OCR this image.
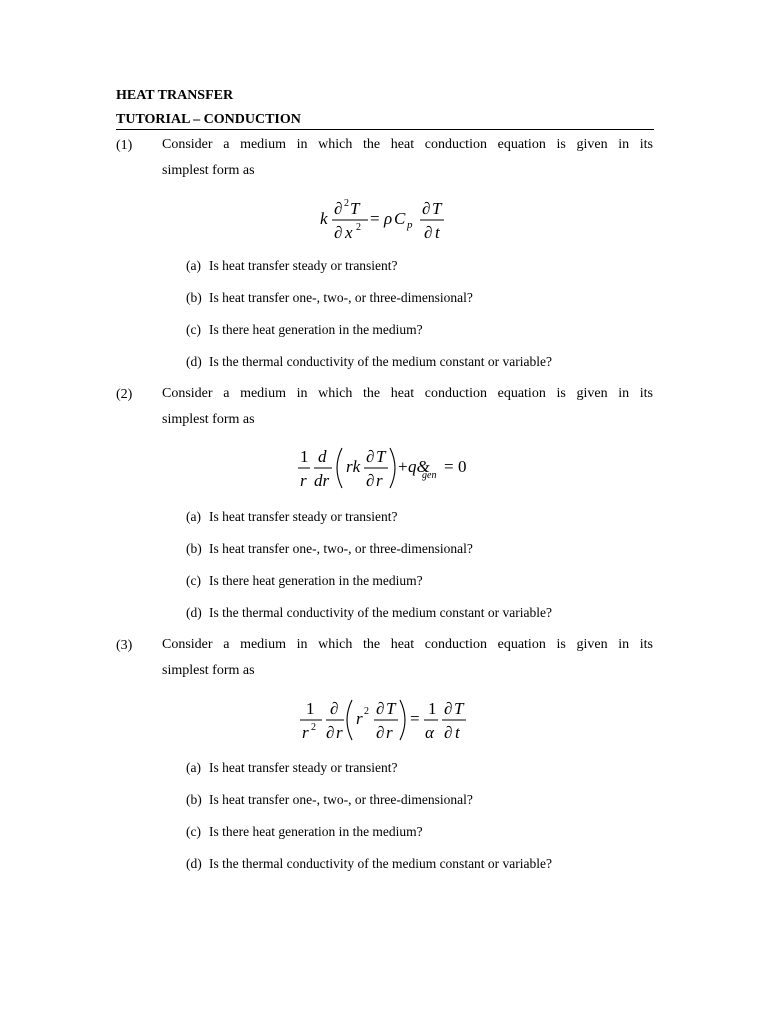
HEAT TRANSFER
TUTORIAL – CONDUCTION
(1) Consider a medium in which the heat conduction equation is given in its
simplest form as
k
∂ 2 T
∂ x 2 = ρ C p
∂ T
∂ t
(a) Is heat transfer steady or transient?
(b) Is heat transfer one-, two-, or three-dimensional?
(c) Is there heat generation in the medium?
(d) Is the thermal conductivity of the medium constant or variable?
(2) Consider a medium in which the heat conduction equation is given in its
simplest form as
1
r
d
dr
rk
∂ T
∂ r
+ q&
gen = 0
(a) Is heat transfer steady or transient?
(b) Is heat transfer one-, two-, or three-dimensional?
(c) Is there heat generation in the medium?
(d) Is the thermal conductivity of the medium constant or variable?
(3) Consider a medium in which the heat conduction equation is given in its
simplest form as
1
r 2
∂
∂ r
r 2 ∂ T
∂ r
=
1
α
∂ T
∂ t
(a) Is heat transfer steady or transient?
(b) Is heat transfer one-, two-, or three-dimensional?
(c) Is there heat generation in the medium?
(d) Is the thermal conductivity of the medium constant or variable?
